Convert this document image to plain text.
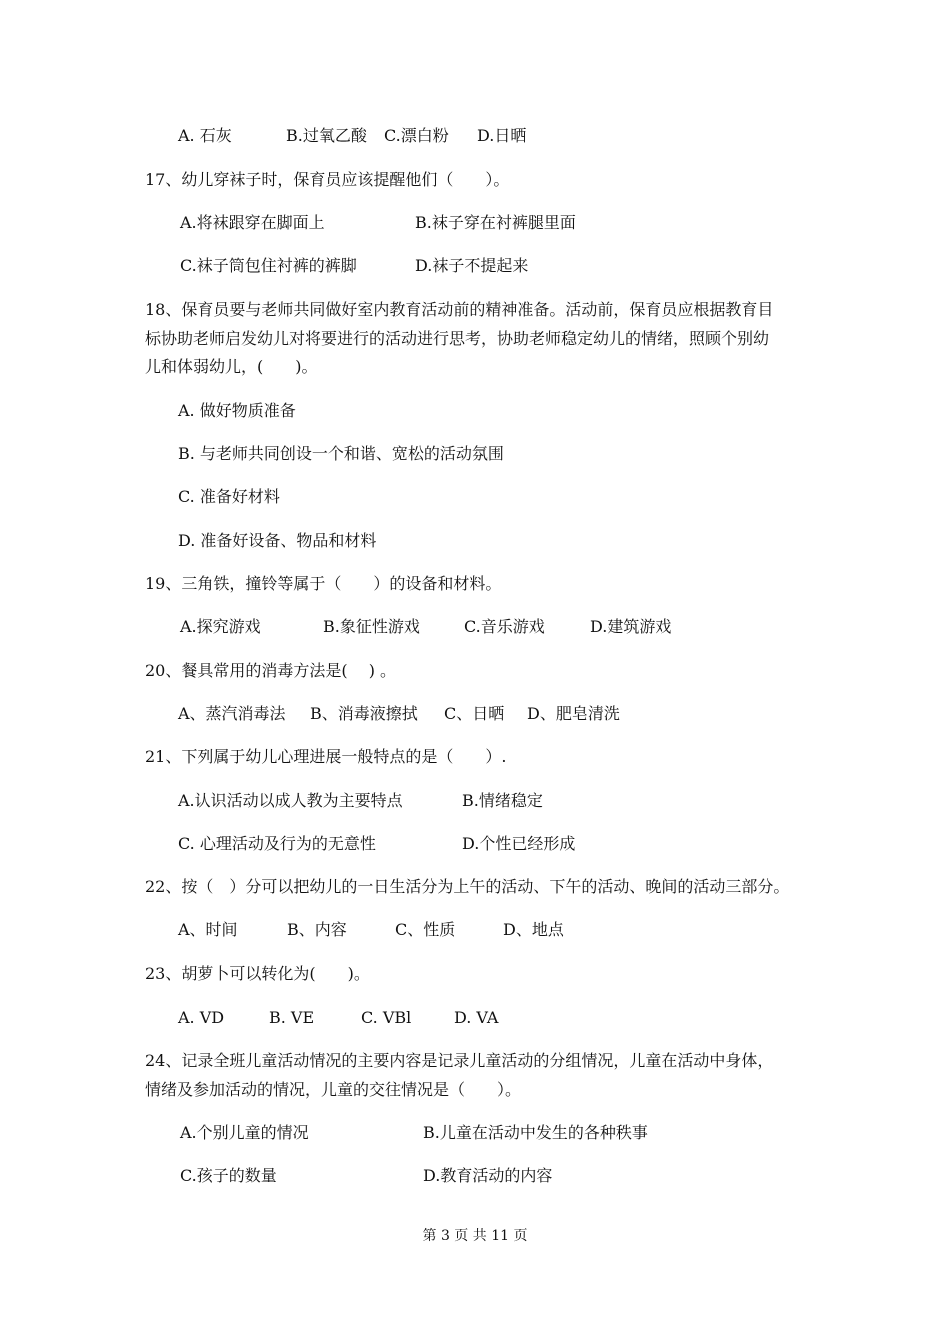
A. 石灰	B.过氧乙酸 C.漂白粉 D.日晒
17、幼儿穿袜子时，保育员应该提醒他们（　　）。
A.将袜跟穿在脚面上	B.袜子穿在衬裤腿里面
C.袜子筒包住衬裤的裤脚	D.袜子不提起来
18、保育员要与老师共同做好室内教育活动前的精神准备。活动前，保育员应根据教育目
标协助老师启发幼儿对将要进行的活动进行思考，协助老师稳定幼儿的情绪，照顾个别幼
儿和体弱幼儿，(　　)。
A. 做好物质准备
B. 与老师共同创设一个和谐、宽松的活动氛围
C. 准备好材料
D. 准备好设备、物品和材料
19、三角铁，撞铃等属于（　　）的设备和材料。
A.探究游戏	B.象征性游戏	C.音乐游戏	D.建筑游戏
20、餐具常用的消毒方法是(　 ) 。
A、蒸汽消毒法 B、消毒液擦拭 C、日晒 D、肥皂清洗
21、下列属于幼儿心理进展一般特点的是（　　）.
A.认识活动以成人教为主要特点	B.情绪稳定
C. 心理活动及行为的无意性	D.个性已经形成
22、按（　）分可以把幼儿的一日生活分为上午的活动、下午的活动、晚间的活动三部分。
A、时间	B、内容	C、性质	D、地点
23、胡萝卜可以转化为(　　)。
A. VD	B. VE	C. VBl	D. VA
24、记录全班儿童活动情况的主要内容是记录儿童活动的分组情况，儿童在活动中身体，
情绪及参加活动的情况，儿童的交往情况是（　　）。
A.个别儿童的情况	B.儿童在活动中发生的各种秩事
C.孩子的数量	D.教育活动的内容
第 3 页 共 11 页
